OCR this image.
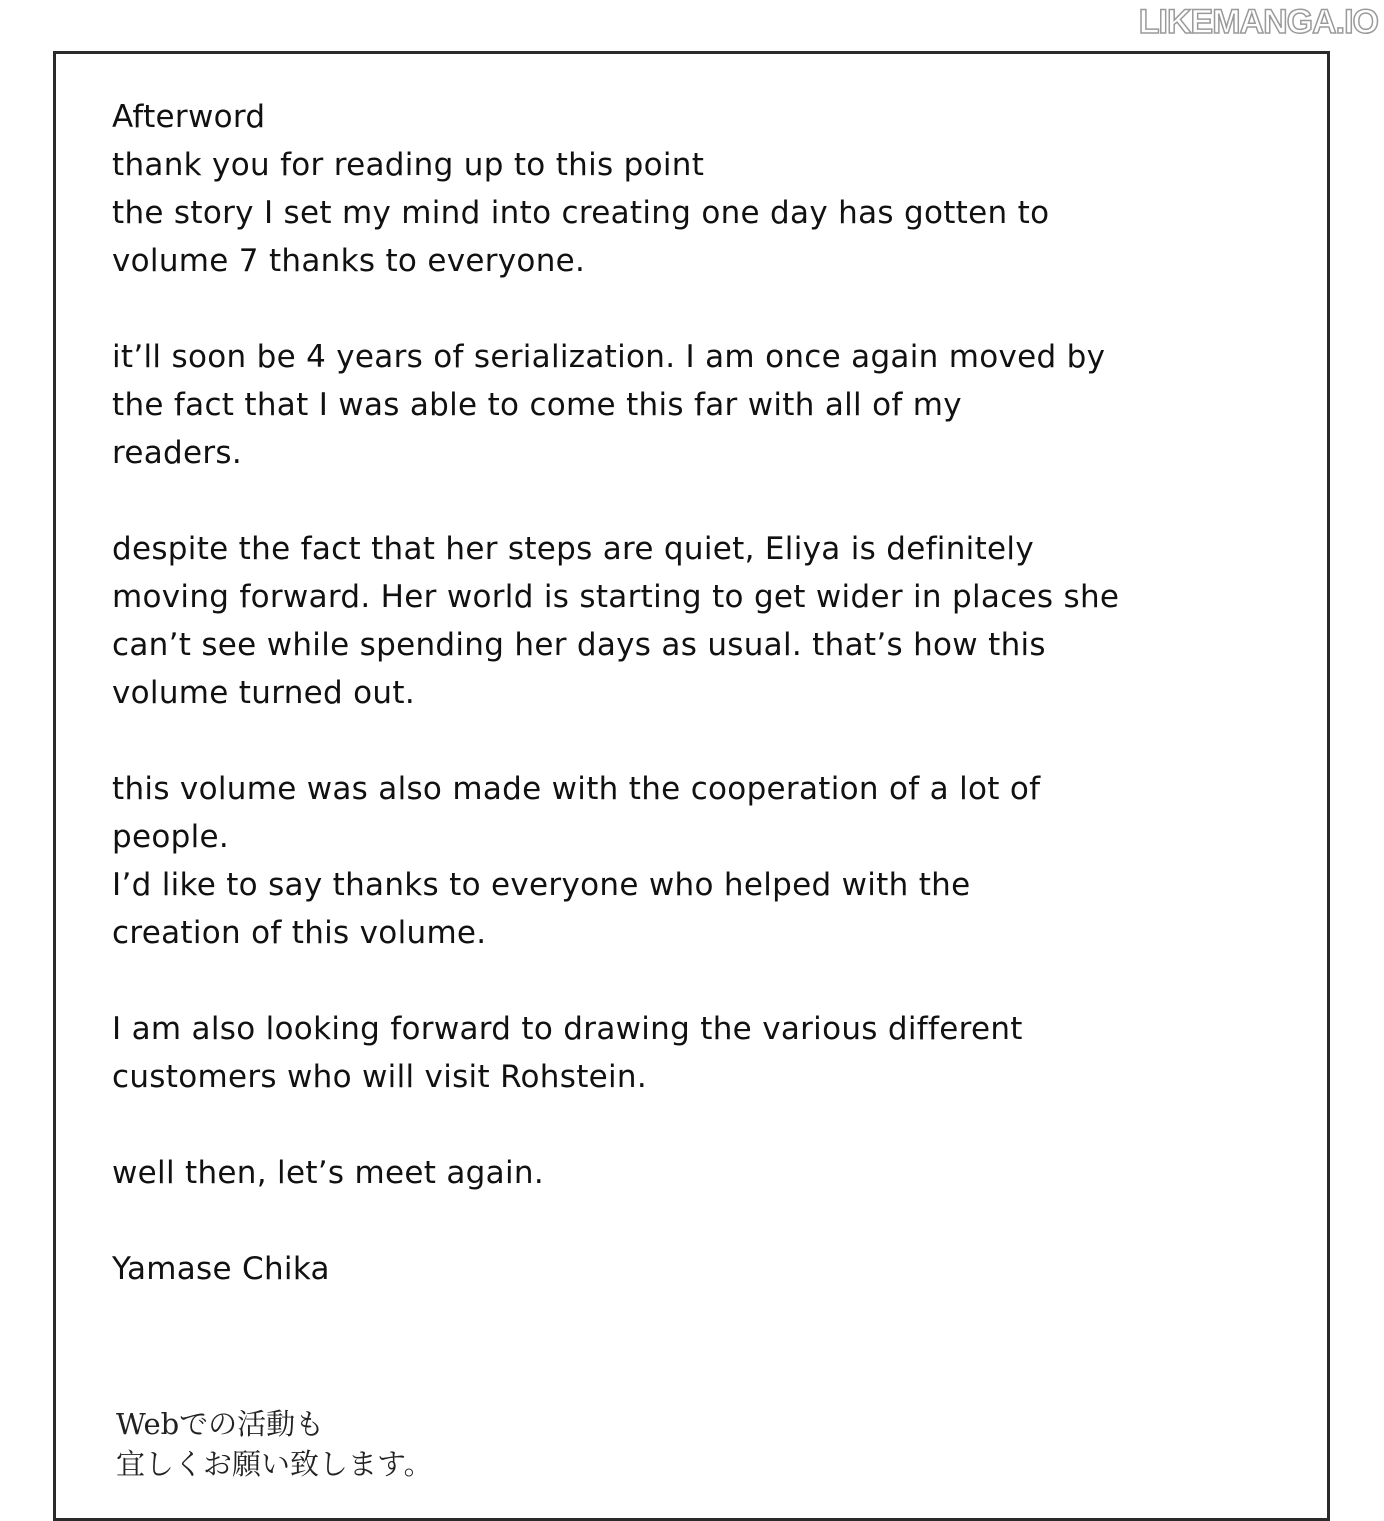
LIKEMANGA.IO
Afterword
thank you for reading up to this point
the story I set my mind into creating one day has gotten to
volume 7 thanks to everyone.
it’ll soon be 4 years of serialization. I am once again moved by
the fact that I was able to come this far with all of my
readers.
despite the fact that her steps are quiet, Eliya is definitely
moving forward. Her world is starting to get wider in places she
can’t see while spending her days as usual. that’s how this
volume turned out.
this volume was also made with the cooperation of a lot of
people.
I’d like to say thanks to everyone who helped with the
creation of this volume.
I am also looking forward to drawing the various different
customers who will visit Rohstein.
well then, let’s meet again.
Yamase Chika
Webでの活動も
宜しくお願い致します。
